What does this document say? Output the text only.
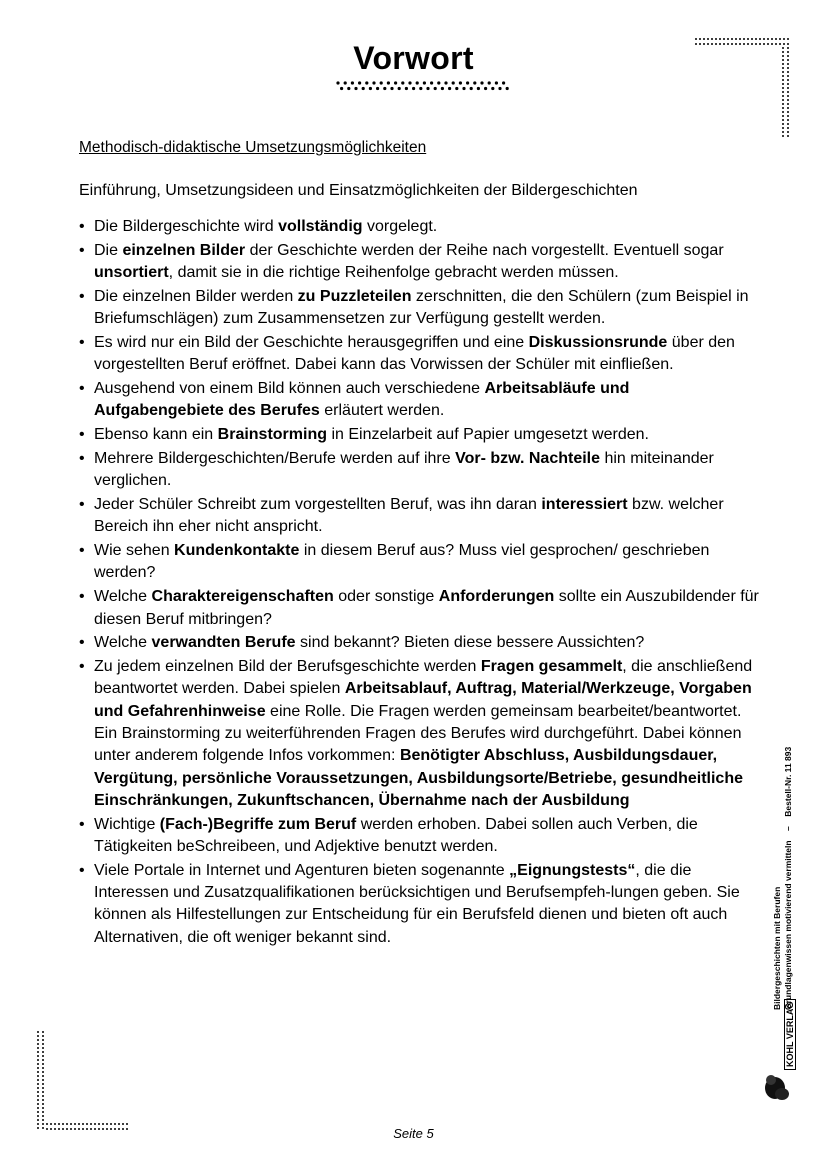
Vorwort
Methodisch-didaktische Umsetzungsmöglichkeiten
Einführung, Umsetzungsideen und Einsatzmöglichkeiten der Bildergeschichten
• Die Bildergeschichte wird vollständig vorgelegt.
• Die einzelnen Bilder der Geschichte werden der Reihe nach vorgestellt. Eventuell sogar unsortiert, damit sie in die richtige Reihenfolge gebracht werden müssen.
• Die einzelnen Bilder werden zu Puzzleteilen zerschnitten, die den Schülern (zum Beispiel in Briefumschlägen) zum Zusammensetzen zur Verfügung gestellt werden.
• Es wird nur ein Bild der Geschichte herausgegriffen und eine Diskussionsrunde über den vorgestellten Beruf eröffnet. Dabei kann das Vorwissen der Schüler mit einfließen.
• Ausgehend von einem Bild können auch verschiedene Arbeitsabläufe und Aufgabengebiete des Berufes erläutert werden.
• Ebenso kann ein Brainstorming in Einzelarbeit auf Papier umgesetzt werden.
• Mehrere Bildergeschichten/Berufe werden auf ihre Vor- bzw. Nachteile hin miteinander verglichen.
• Jeder Schüler Schreibt zum vorgestellten Beruf, was ihn daran interessiert bzw. welcher Bereich ihn eher nicht anspricht.
• Wie sehen Kundenkontakte in diesem Beruf aus? Muss viel gesprochen/ geschrieben werden?
• Welche Charaktereigenschaften oder sonstige Anforderungen sollte ein Auszubildender für diesen Beruf mitbringen?
• Welche verwandten Berufe sind bekannt? Bieten diese bessere Aussichten?
• Zu jedem einzelnen Bild der Berufsgeschichte werden Fragen gesammelt, die anschließend beantwortet werden. Dabei spielen Arbeitsablauf, Auftrag, Material/Werkzeuge, Vorgaben und Gefahrenhinweise eine Rolle. Die Fragen werden gemeinsam bearbeitet/beantwortet. Ein Brainstorming zu weiterführenden Fragen des Berufes wird durchgeführt. Dabei können unter anderem folgende Infos vorkommen: Benötigter Abschluss, Ausbildungsdauer, Vergütung, persönliche Voraussetzungen, Ausbildungsorte/Betriebe, gesundheitliche Einschränkungen, Zukunftschancen, Übernahme nach der Ausbildung
• Wichtige (Fach-)Begriffe zum Beruf werden erhoben. Dabei sollen auch Verben, die Tätigkeiten beSchreibeen, und Adjektive benutzt werden.
• Viele Portale in Internet und Agenturen bieten sogenannte „Eignungstests“, die die Interessen und Zusatzqualifikationen berücksichtigen und Berufsempfeh-lungen geben. Sie können als Hilfestellungen zur Entscheidung für ein Berufsfeld dienen und bieten oft auch Alternativen, die oft weniger bekannt sind.	Bildergeschichten mit Berufen Grundlagenwissen motivierend vermitteln    –    Bestell-Nr. 11 893
KOHL VERLAG
Seite 5
